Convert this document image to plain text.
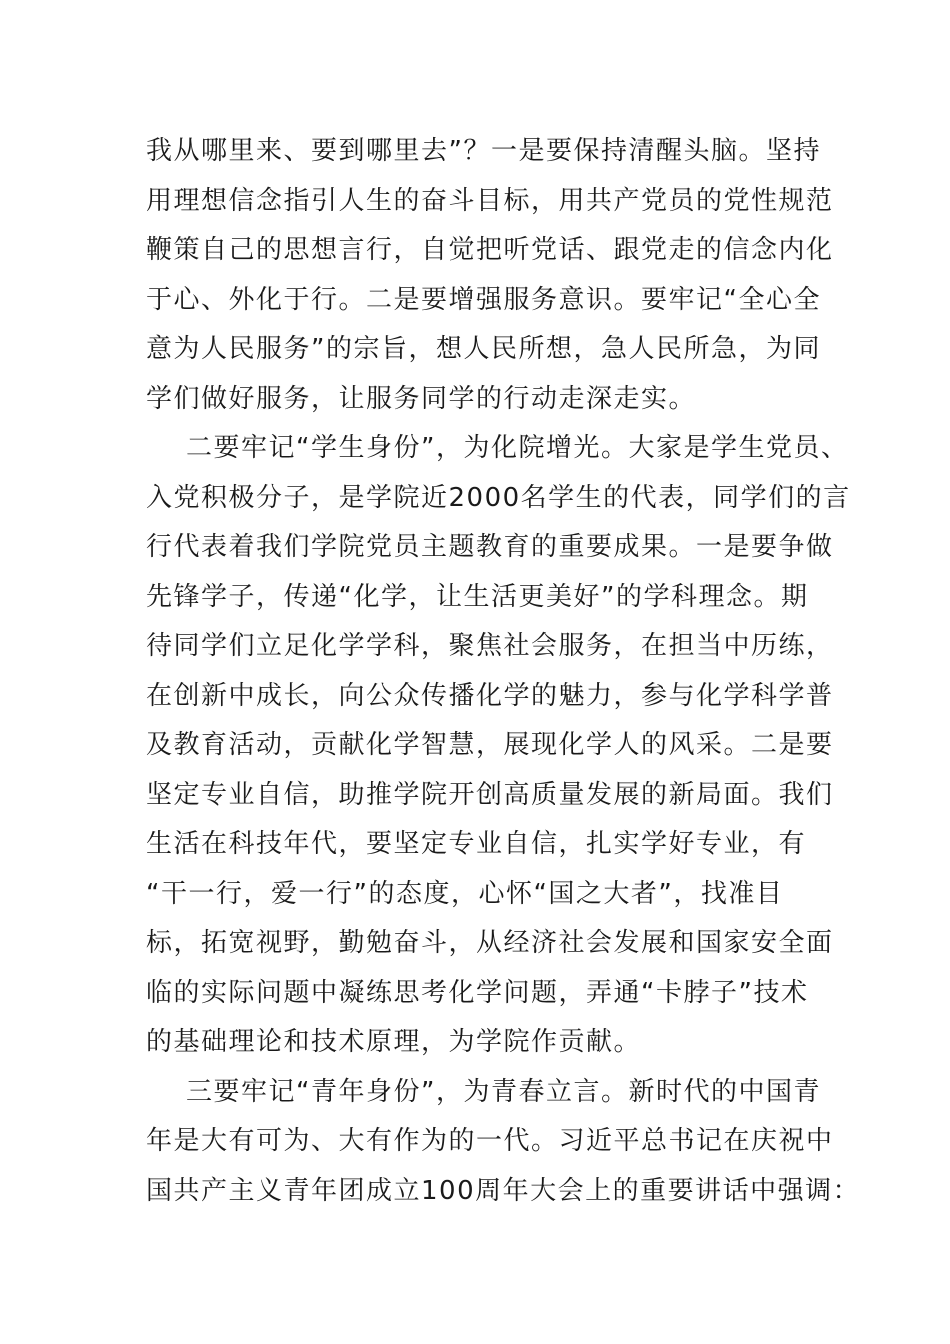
我从哪里来、要到哪里去”？一是要保持清醒头脑。坚持
用理想信念指引人生的奋斗目标，用共产党员的党性规范
鞭策自己的思想言行，自觉把听党话、跟党走的信念内化
于心、外化于行。二是要增强服务意识。要牢记“全心全
意为人民服务”的宗旨，想人民所想，急人民所急，为同
学们做好服务，让服务同学的行动走深走实。
二要牢记“学生身份”，为化院增光。大家是学生党员、
入党积极分子，是学院近2000名学生的代表，同学们的言
行代表着我们学院党员主题教育的重要成果。一是要争做
先锋学子，传递“化学，让生活更美好”的学科理念。期
待同学们立足化学学科，聚焦社会服务，在担当中历练，
在创新中成长，向公众传播化学的魅力，参与化学科学普
及教育活动，贡献化学智慧，展现化学人的风采。二是要
坚定专业自信，助推学院开创高质量发展的新局面。我们
生活在科技年代，要坚定专业自信，扎实学好专业，有
“干一行，爱一行”的态度，心怀“国之大者”，找准目
标，拓宽视野，勤勉奋斗，从经济社会发展和国家安全面
临的实际问题中凝练思考化学问题，弄通“卡脖子”技术
的基础理论和技术原理，为学院作贡献。
三要牢记“青年身份”，为青春立言。新时代的中国青
年是大有可为、大有作为的一代。习近平总书记在庆祝中
国共产主义青年团成立100周年大会上的重要讲话中强调：
